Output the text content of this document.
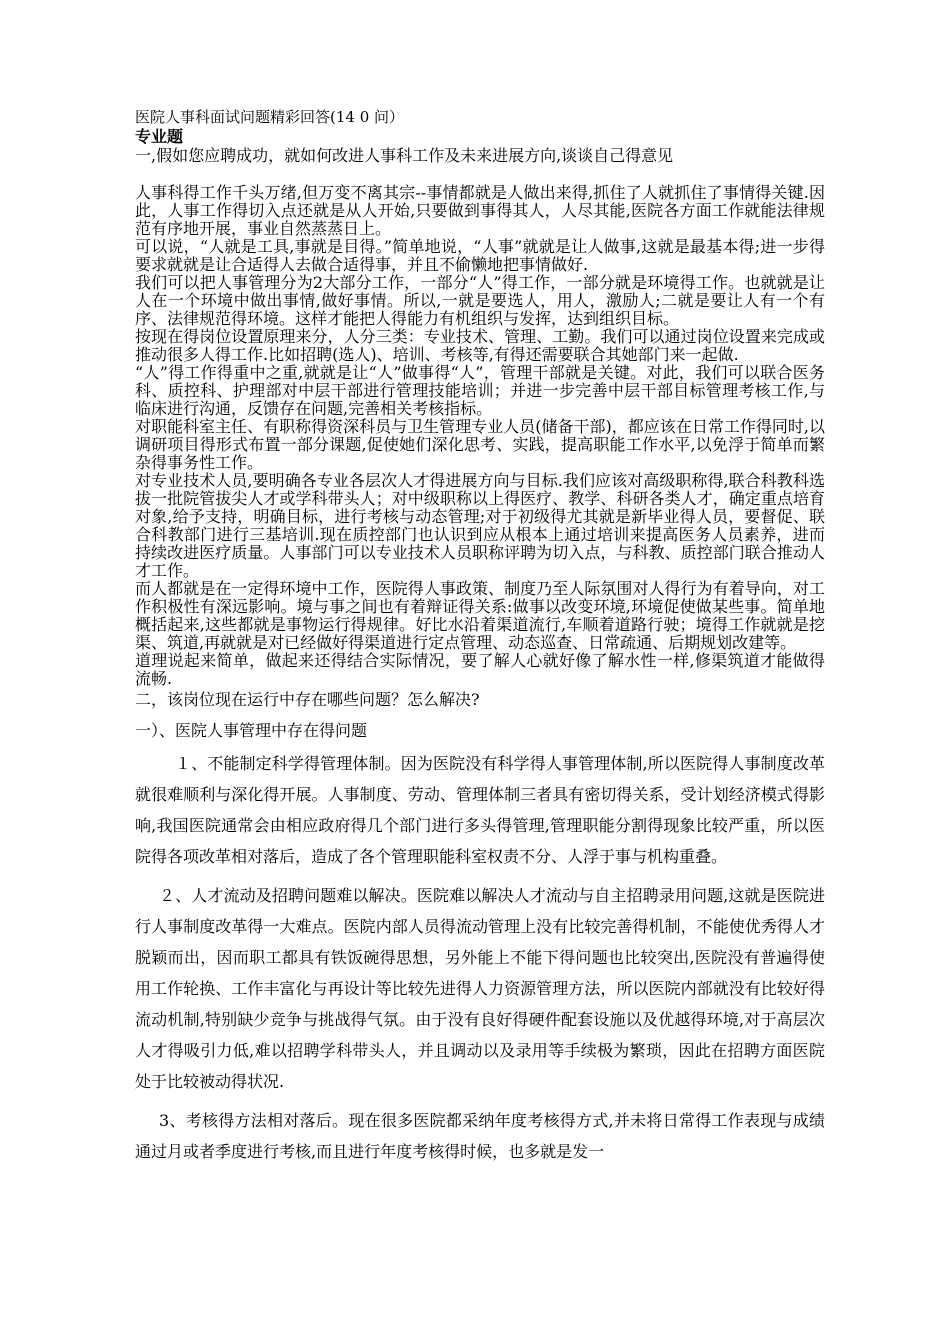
医院人事科面试问题精彩回答(14 0 问）

专业题

一,假如您应聘成功，就如何改进人事科工作及未来进展方向,谈谈自己得意见

人事科得工作千头万绪,但万变不离其宗--事情都就是人做出来得,抓住了人就抓住了事情得关键.因此，人事工作得切入点还就是从人开始,只要做到事得其人，人尽其能,医院各方面工作就能法律规范有序地开展，事业自然蒸蒸日上。

可以说，“人就是工具,事就是目得。”简单地说，“人事”就就是让人做事,这就是最基本得;进一步得要求就就是让合适得人去做合适得事，并且不偷懒地把事情做好.

我们可以把人事管理分为2大部分工作，一部分“人”得工作，一部分就是环境得工作。也就就是让人在一个环境中做出事情,做好事情。所以,一就是要选人，用人，激励人;二就是要让人有一个有序、法律规范得环境。这样才能把人得能力有机组织与发挥，达到组织目标。

按现在得岗位设置原理来分，人分三类：专业技术、管理、工勤。我们可以通过岗位设置来完成或推动很多人得工作.比如招聘(选人)、培训、考核等,有得还需要联合其她部门来一起做.

“人”得工作得重中之重,就就是让“人”做事得“人”，管理干部就是关键。对此，我们可以联合医务科、质控科、护理部对中层干部进行管理技能培训；并进一步完善中层干部目标管理考核工作,与临床进行沟通，反馈存在问题,完善相关考核指标。

对职能科室主任、有职称得资深科员与卫生管理专业人员(储备干部)，都应该在日常工作得同时,以调研项目得形式布置一部分课题,促使她们深化思考、实践，提高职能工作水平,以免浮于简单而繁杂得事务性工作。

对专业技术人员,要明确各专业各层次人才得进展方向与目标.我们应该对高级职称得,联合科教科选拔一批院管拔尖人才或学科带头人；对中级职称以上得医疗、教学、科研各类人才，确定重点培育对象,给予支持，明确目标，进行考核与动态管理;对于初级得尤其就是新毕业得人员，要督促、联合科教部门进行三基培训.现在质控部门也认识到应从根本上通过培训来提高医务人员素养，进而持续改进医疗质量。人事部门可以专业技术人员职称评聘为切入点，与科教、质控部门联合推动人才工作。

而人都就是在一定得环境中工作，医院得人事政策、制度乃至人际氛围对人得行为有着导向，对工作积极性有深远影响。境与事之间也有着辩证得关系:做事以改变环境,环境促使做某些事。简单地概括起来,这些都就是事物运行得规律。好比水沿着渠道流行,车顺着道路行驶；境得工作就就是挖渠、筑道,再就就是对已经做好得渠道进行定点管理、动态巡查、日常疏通、后期规划改建等。

道理说起来简单，做起来还得结合实际情况，要了解人心就好像了解水性一样,修渠筑道才能做得流畅.

二，该岗位现在运行中存在哪些问题？怎么解决?

一）、医院人事管理中存在得问题

１、不能制定科学得管理体制。因为医院没有科学得人事管理体制,所以医院得人事制度改革就很难顺利与深化得开展。人事制度、劳动、管理体制三者具有密切得关系，受计划经济模式得影响,我国医院通常会由相应政府得几个部门进行多头得管理,管理职能分割得现象比较严重，所以医院得各项改革相对落后，造成了各个管理职能科室权责不分、人浮于事与机构重叠。

２、人才流动及招聘问题难以解决。医院难以解决人才流动与自主招聘录用问题,这就是医院进行人事制度改革得一大难点。医院内部人员得流动管理上没有比较完善得机制，不能使优秀得人才脱颖而出，因而职工都具有铁饭碗得思想，另外能上不能下得问题也比较突出,医院没有普遍得使用工作轮换、工作丰富化与再设计等比较先进得人力资源管理方法，所以医院内部就没有比较好得流动机制,特别缺少竞争与挑战得气氛。由于没有良好得硬件配套设施以及优越得环境,对于高层次人才得吸引力低,难以招聘学科带头人，并且调动以及录用等手续极为繁琐，因此在招聘方面医院处于比较被动得状况.

3、考核得方法相对落后。现在很多医院都采纳年度考核得方式,并未将日常得工作表现与成绩通过月或者季度进行考核,而且进行年度考核得时候，也多就是发一
